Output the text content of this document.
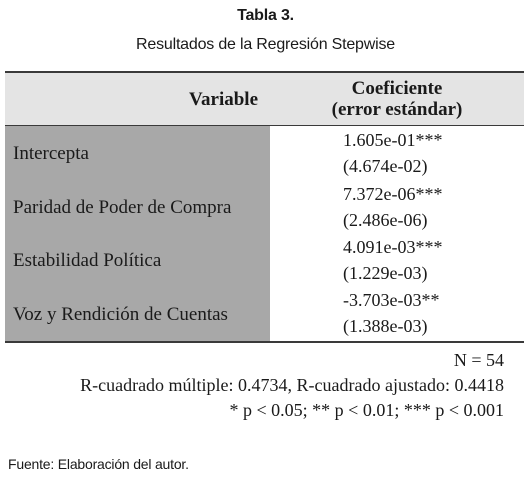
Tabla 3.
Resultados de la Regresión Stepwise
Variable
Coeficiente
(error estándar)
Intercepta
1.605e-01***
(4.674e-02)
Paridad de Poder de Compra
7.372e-06***
(2.486e-06)
Estabilidad Política
4.091e-03***
(1.229e-03)
Voz y Rendición de Cuentas
-3.703e-03**
(1.388e-03)
N = 54
R-cuadrado múltiple: 0.4734, R-cuadrado ajustado: 0.4418
* p < 0.05; ** p < 0.01; *** p < 0.001
Fuente: Elaboración del autor.
